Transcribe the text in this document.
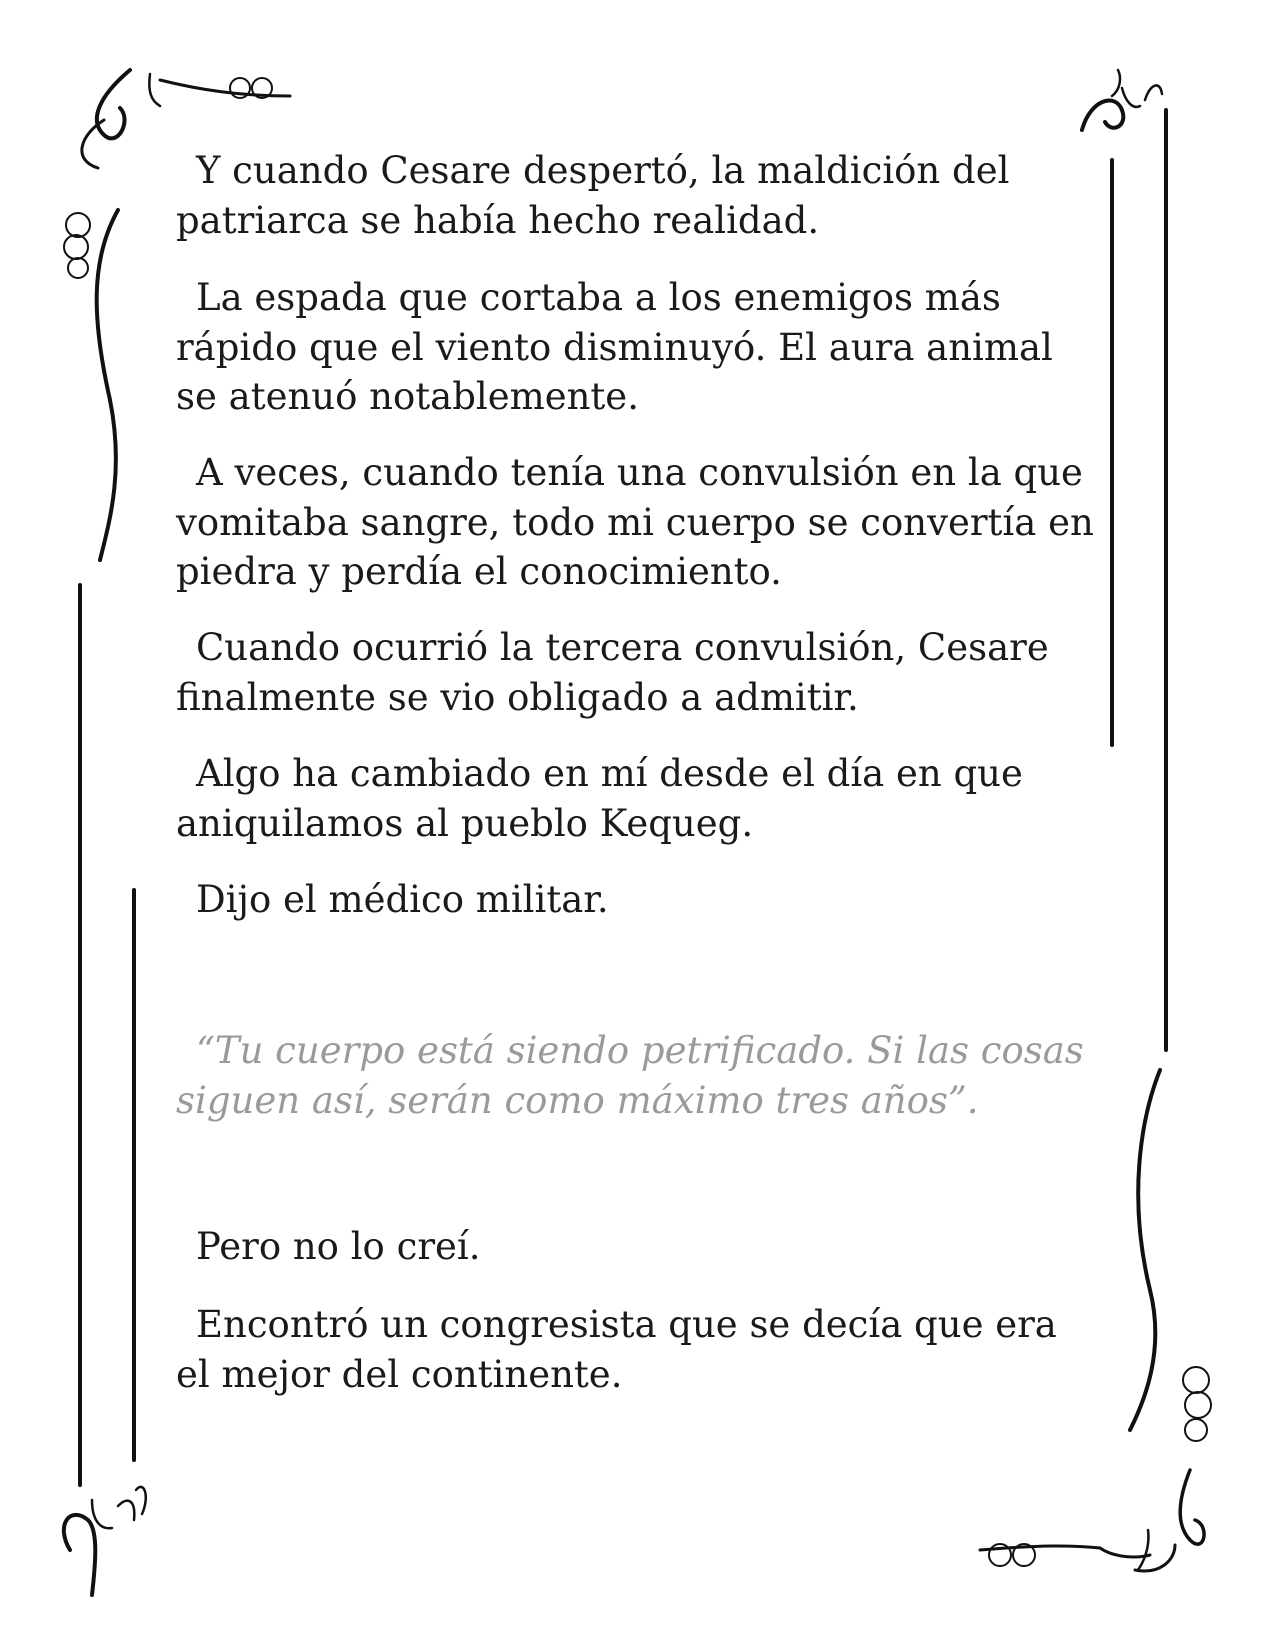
Y cuando Cesare despertó, la maldición del patriarca se había hecho realidad.

La espada que cortaba a los enemigos más rápido que el viento disminuyó. El aura animal se atenuó notablemente.

A veces, cuando tenía una convulsión en la que vomitaba sangre, todo mi cuerpo se convertía en piedra y perdía el conocimiento.

Cuando ocurrió la tercera convulsión, Cesare finalmente se vio obligado a admitir.

Algo ha cambiado en mí desde el día en que aniquilamos al pueblo Kequeg.

Dijo el médico militar.

“Tu cuerpo está siendo petrificado. Si las cosas siguen así, serán como máximo tres años”.

Pero no lo creí.

Encontró un congresista que se decía que era el mejor del continente.
